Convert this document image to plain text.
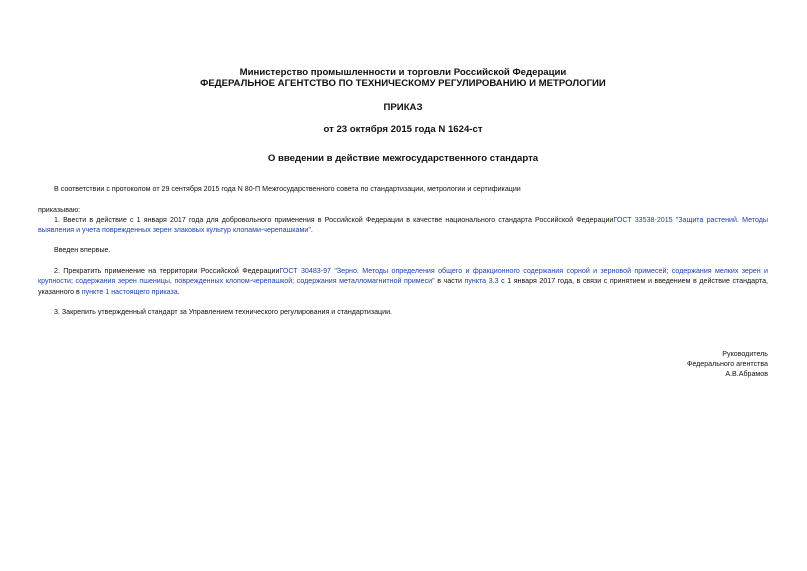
Министерство промышленности и торговли Российской Федерации
ФЕДЕРАЛЬНОЕ АГЕНТСТВО ПО ТЕХНИЧЕСКОМУ РЕГУЛИРОВАНИЮ И МЕТРОЛОГИИ
ПРИКАЗ
от 23 октября 2015 года N 1624-ст
О введении в действие межгосударственного стандарта
В соответствии с протоколом от 29 сентября 2015 года N 80-П Межгосударственного совета по стандартизации, метрологии и сертификации
приказываю:
1. Ввести в действие с 1 января 2017 года для добровольного применения в Российской Федерации в качестве национального стандарта Российской ФедерацииГОСТ 33538-2015 "Защита растений. Методы выявления и учета поврежденных зерен злаковых культур клопами-черепашками".
Введен впервые.
2. Прекратить применение на территории Российской ФедерацииГОСТ 30483-97 "Зерно. Методы определения общего и фракционного содержания сорной и зерновой примесей; содержания мелких зерен и крупности; содержания зерен пшеницы, поврежденных клопом-черепашкой; содержания металломагнитной примеси" в части пункта 3.3 с 1 января 2017 года, в связи с принятием и введением в действие стандарта, указанного в пункте 1 настоящего приказа.
3. Закрепить утвержденный стандарт за Управлением технического регулирования и стандартизации.
Руководитель
Федерального агентства
А.В.Абрамов
